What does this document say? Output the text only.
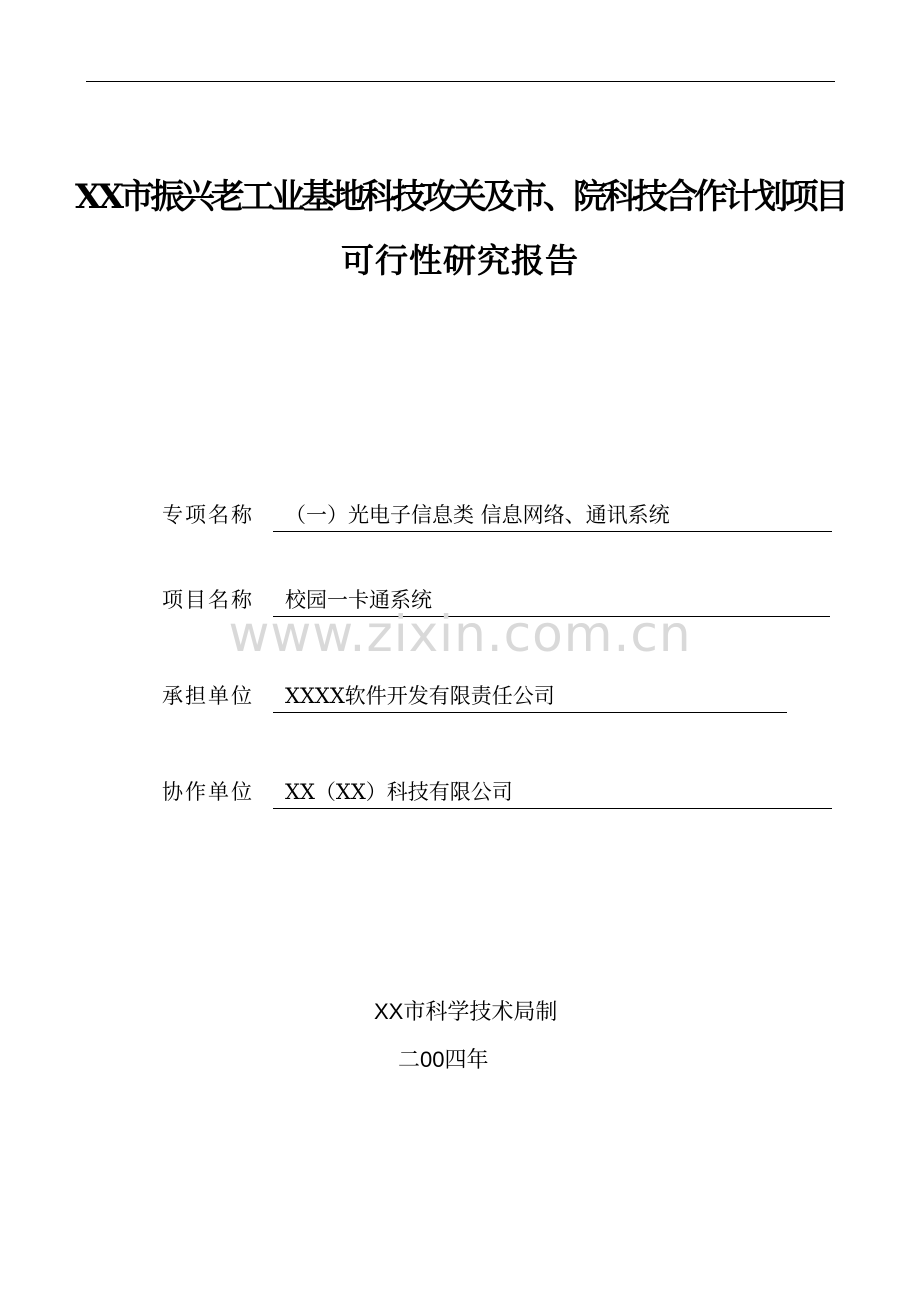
XX市振兴老工业基地科技攻关及市、院科技合作计划项目
可行性研究报告
专项名称	（一）光电子信息类 信息网络、通讯系统
项目名称	校园一卡通系统
www.zixin.com.cn
承担单位	XXXX软件开发有限责任公司
协作单位	XX（XX）科技有限公司
XX市科学技术局制
二00四年
